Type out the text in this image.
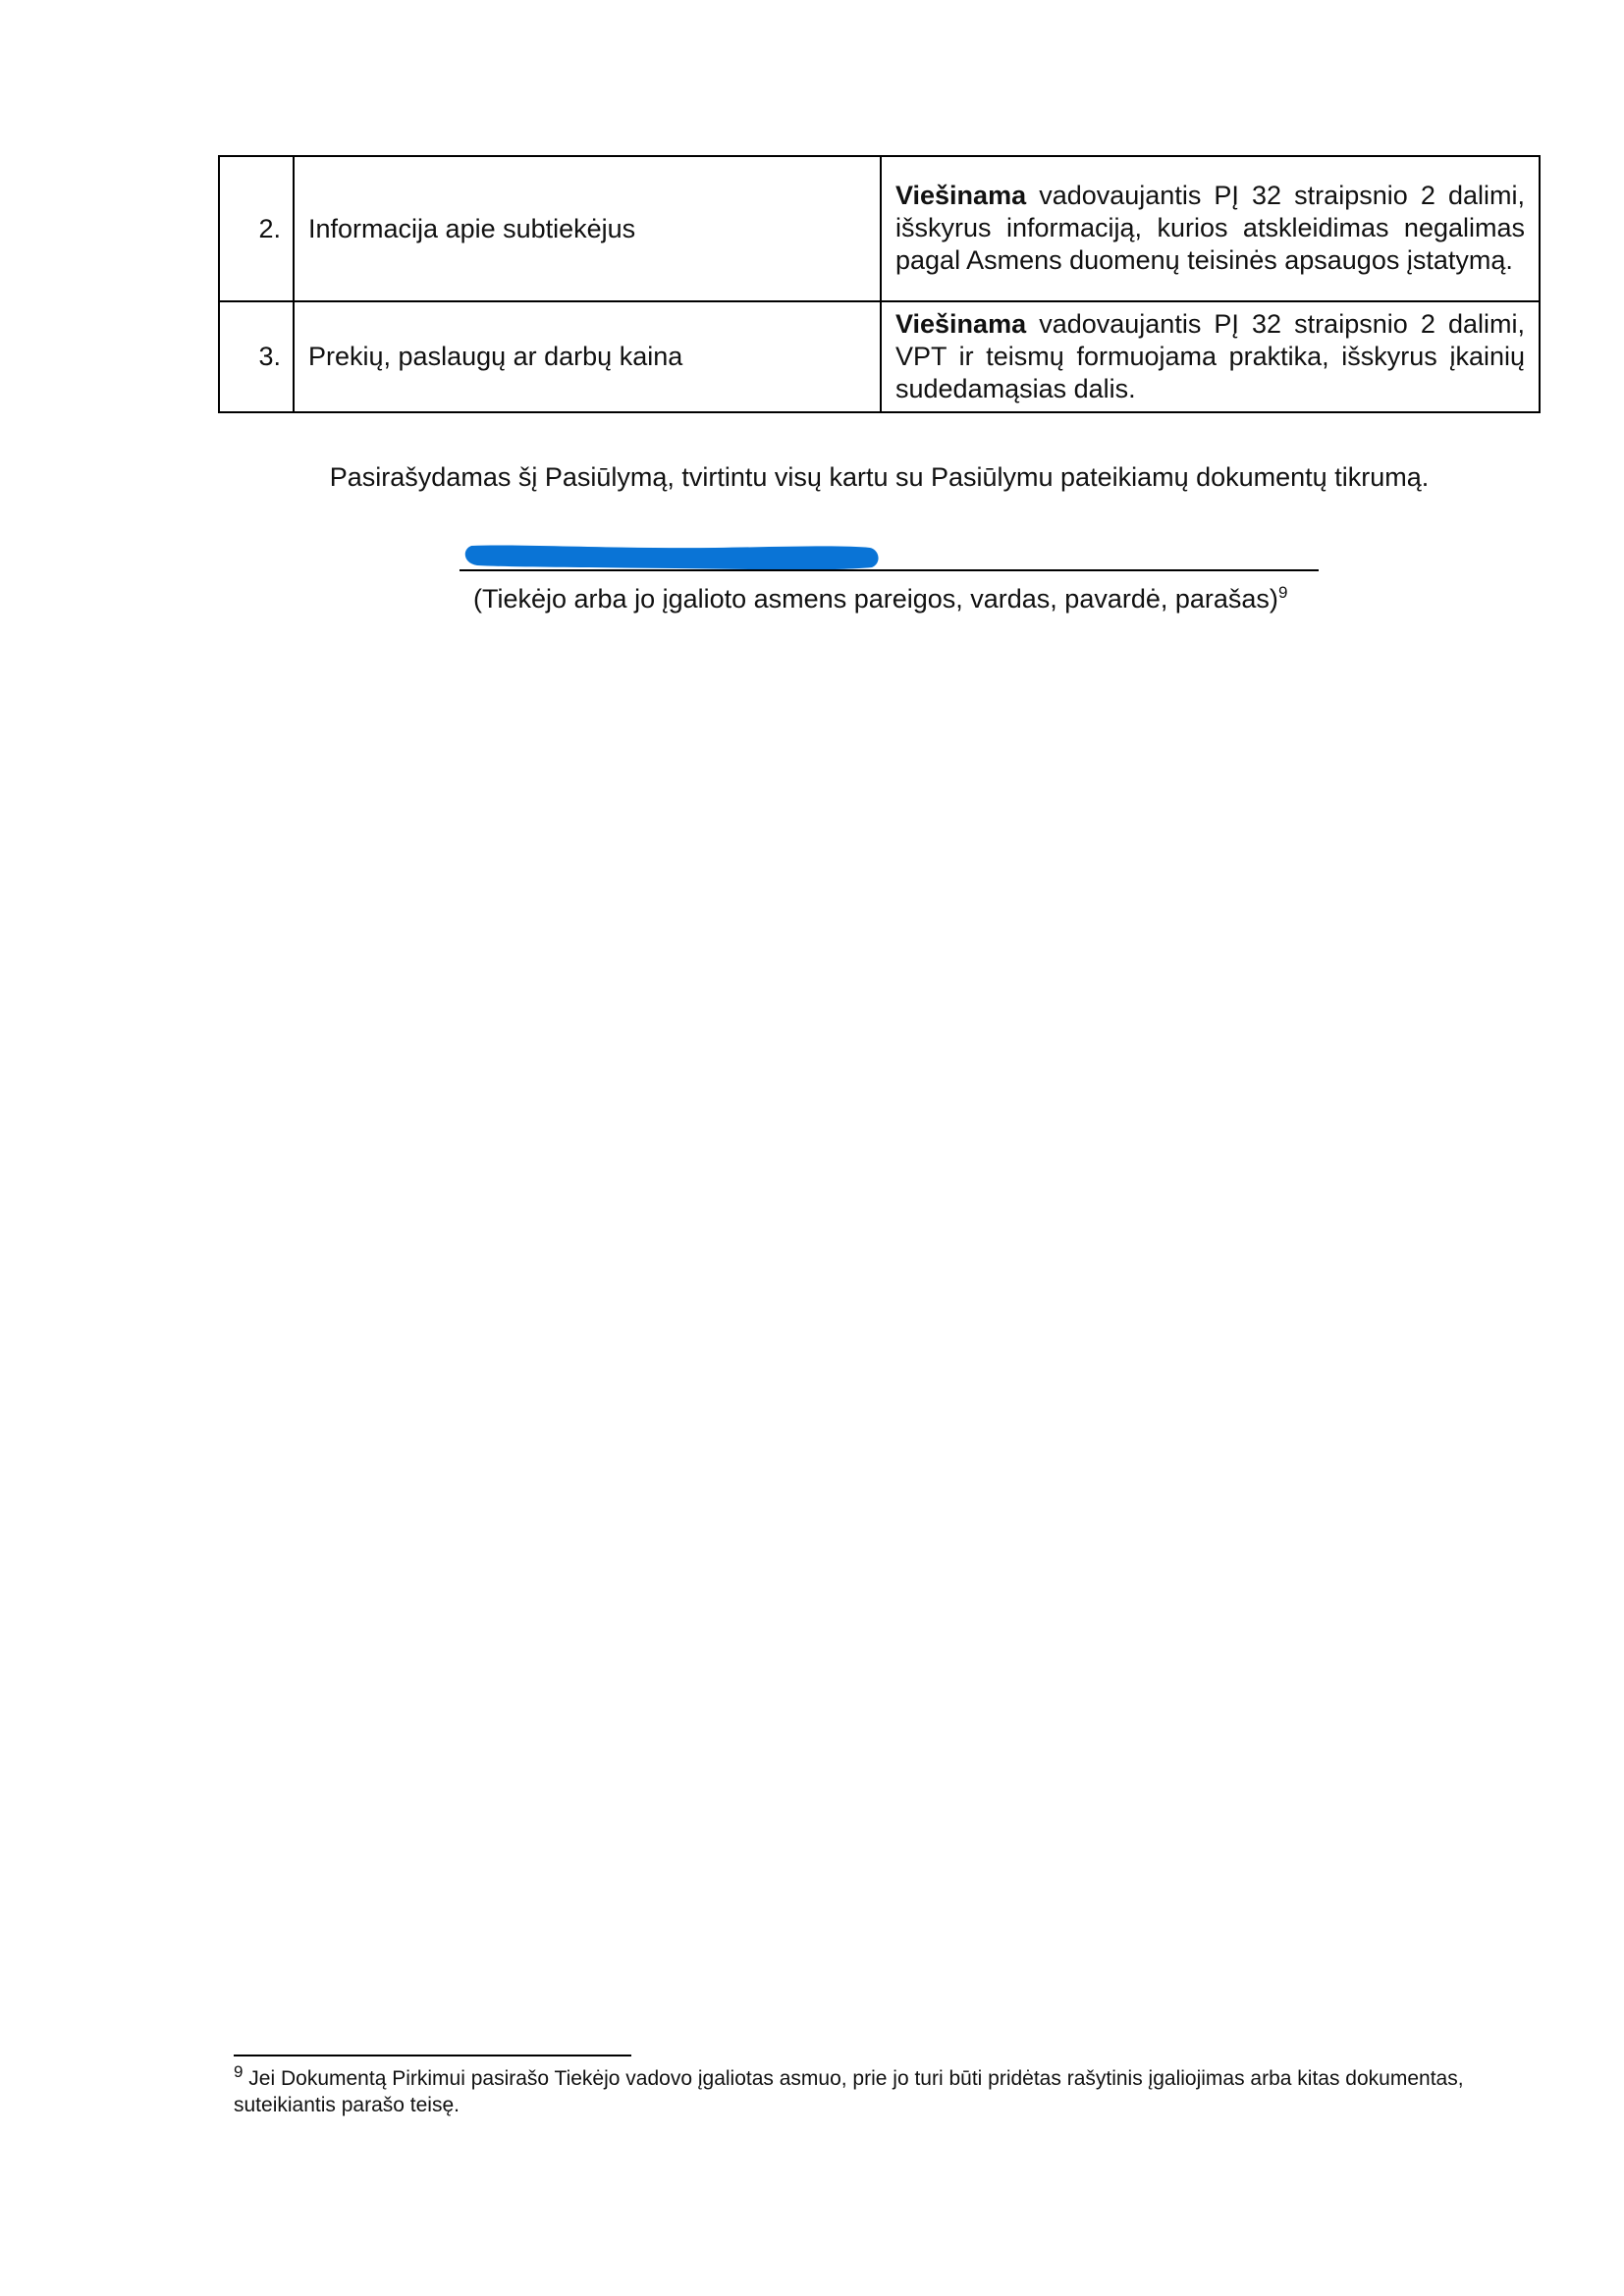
2.	Informacija apie subtiekėjus	Viešinama vadovaujantis PĮ 32 straipsnio 2 dalimi, išskyrus informaciją, kurios atskleidimas negalimas pagal Asmens duomenų teisinės apsaugos įstatymą.
3.	Prekių, paslaugų ar darbų kaina	Viešinama vadovaujantis PĮ 32 straipsnio 2 dalimi, VPT ir teismų formuojama praktika, išskyrus įkainių sudedamąsias dalis.

Pasirašydamas šį Pasiūlymą, tvirtintu visų kartu su Pasiūlymu pateikiamų dokumentų tikrumą.

(Tiekėjo arba jo įgalioto asmens pareigos, vardas, pavardė, parašas)$^9$

$^9$ Jei Dokumentą Pirkimui pasirašo Tiekėjo vadovo įgaliotas asmuo, prie jo turi būti pridėtas rašytinis įgaliojimas arba kitas dokumentas, suteikiantis parašo teisę.
